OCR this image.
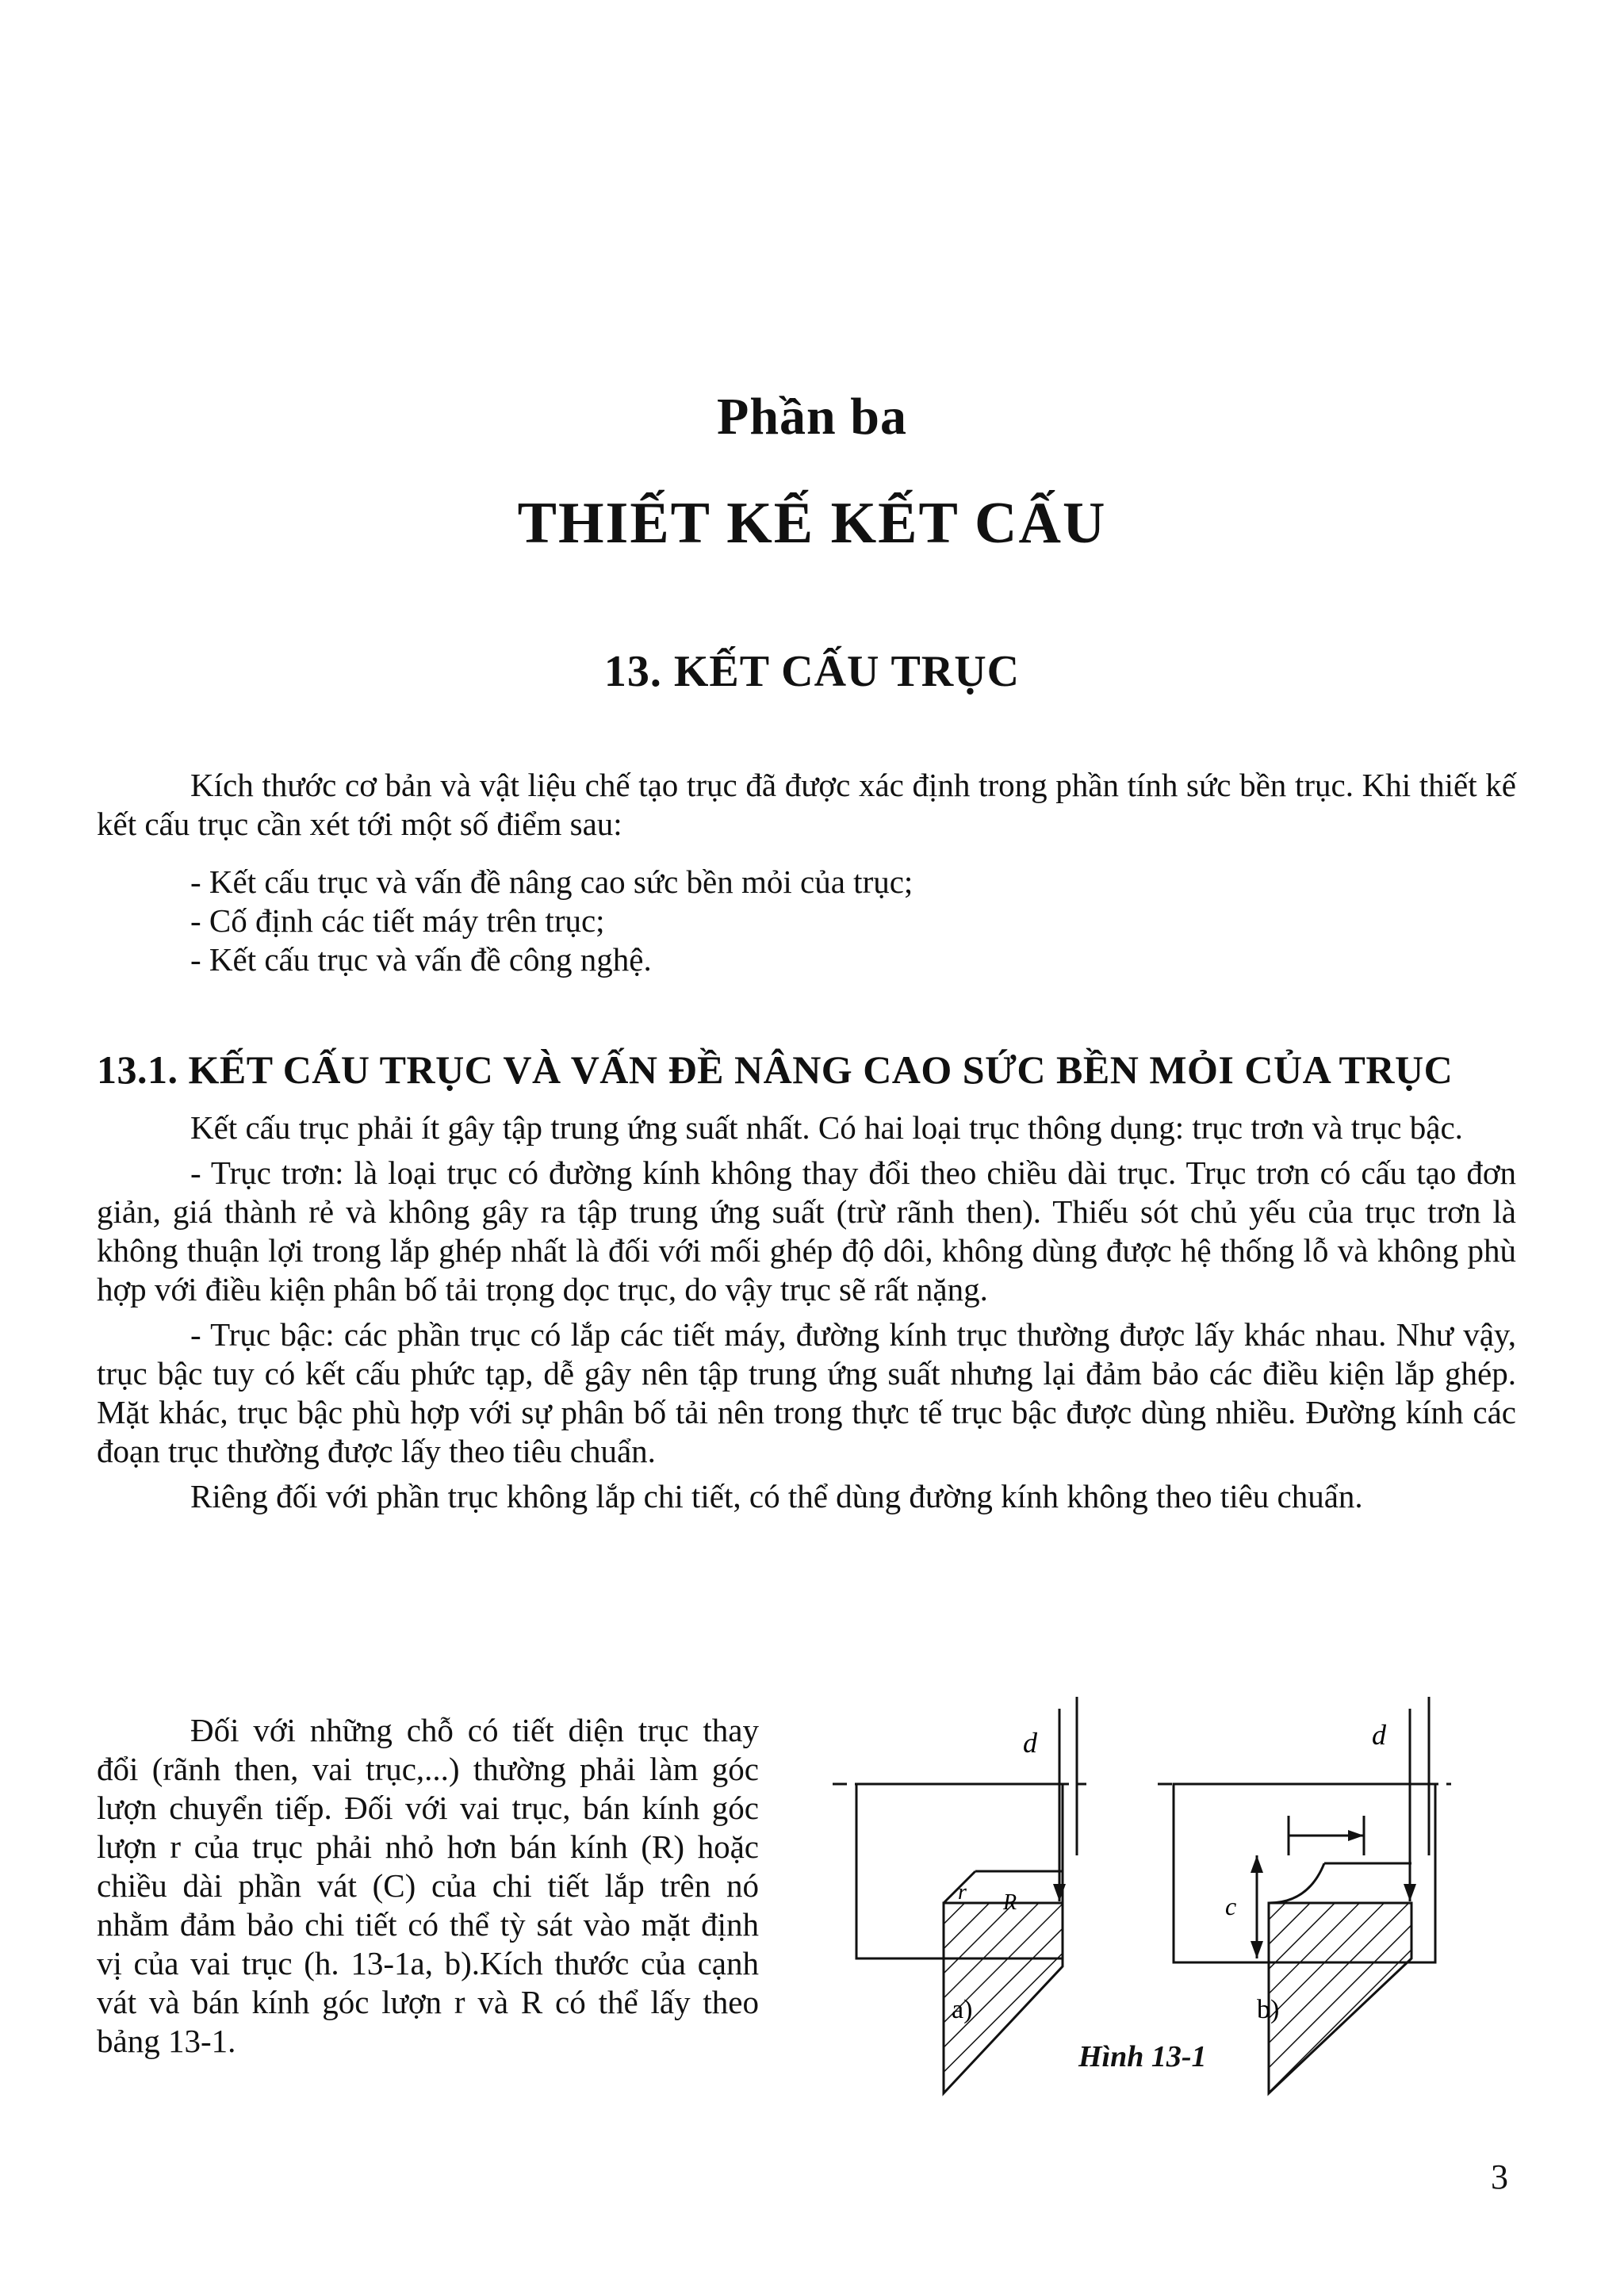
Phần ba
THIẾT KẾ KẾT CẤU
13. KẾT CẤU TRỤC

Kích thước cơ bản và vật liệu chế tạo trục đã được xác định trong phần tính sức bền trục. Khi thiết kế kết cấu trục cần xét tới một số điểm sau:

- Kết cấu trục và vấn đề nâng cao sức bền mỏi của trục;

- Cố định các tiết máy trên trục;

- Kết cấu trục và vấn đề công nghệ.

13.1. KẾT CẤU TRỤC VÀ VẤN ĐỀ NÂNG CAO SỨC BỀN MỎI CỦA TRỤC

Kết cấu trục phải ít gây tập trung ứng suất nhất. Có hai loại trục thông dụng: trục trơn và trục bậc.

- Trục trơn: là loại trục có đường kính không thay đổi theo chiều dài trục. Trục trơn có cấu tạo đơn giản, giá thành rẻ và không gây ra tập trung ứng suất (trừ rãnh then). Thiếu sót chủ yếu của trục trơn là không thuận lợi trong lắp ghép nhất là đối với mối ghép độ dôi, không dùng được hệ thống lỗ và không phù hợp với điều kiện phân bố tải trọng dọc trục, do vậy trục sẽ rất nặng.

- Trục bậc: các phần trục có lắp các tiết máy, đường kính trục thường được lấy khác nhau. Như vậy, trục bậc tuy có kết cấu phức tạp, dễ gây nên tập trung ứng suất nhưng lại đảm bảo các điều kiện lắp ghép. Mặt khác, trục bậc phù hợp với sự phân bố tải nên trong thực tế trục bậc được dùng nhiều. Đường kính các đoạn trục thường được lấy theo tiêu chuẩn.

Riêng đối với phần trục không lắp chi tiết, có thể dùng đường kính không theo tiêu chuẩn.

Đối với những chỗ có tiết diện trục thay đổi (rãnh then, vai trục,...) thường phải làm góc lượn chuyển tiếp. Đối với vai trục, bán kính góc lượn r của trục phải nhỏ hơn bán kính (R) hoặc chiều dài phần vát (C) của chi tiết lắp trên nó nhằm đảm bảo chi tiết có thể tỳ sát vào mặt định vị của vai trục (h. 13-1a, b).Kích thước của cạnh vát và bán kính góc lượn r và R có thể lấy theo bảng 13-1.

d
r R
a)
c
d
b)
Hình 13-1
3
